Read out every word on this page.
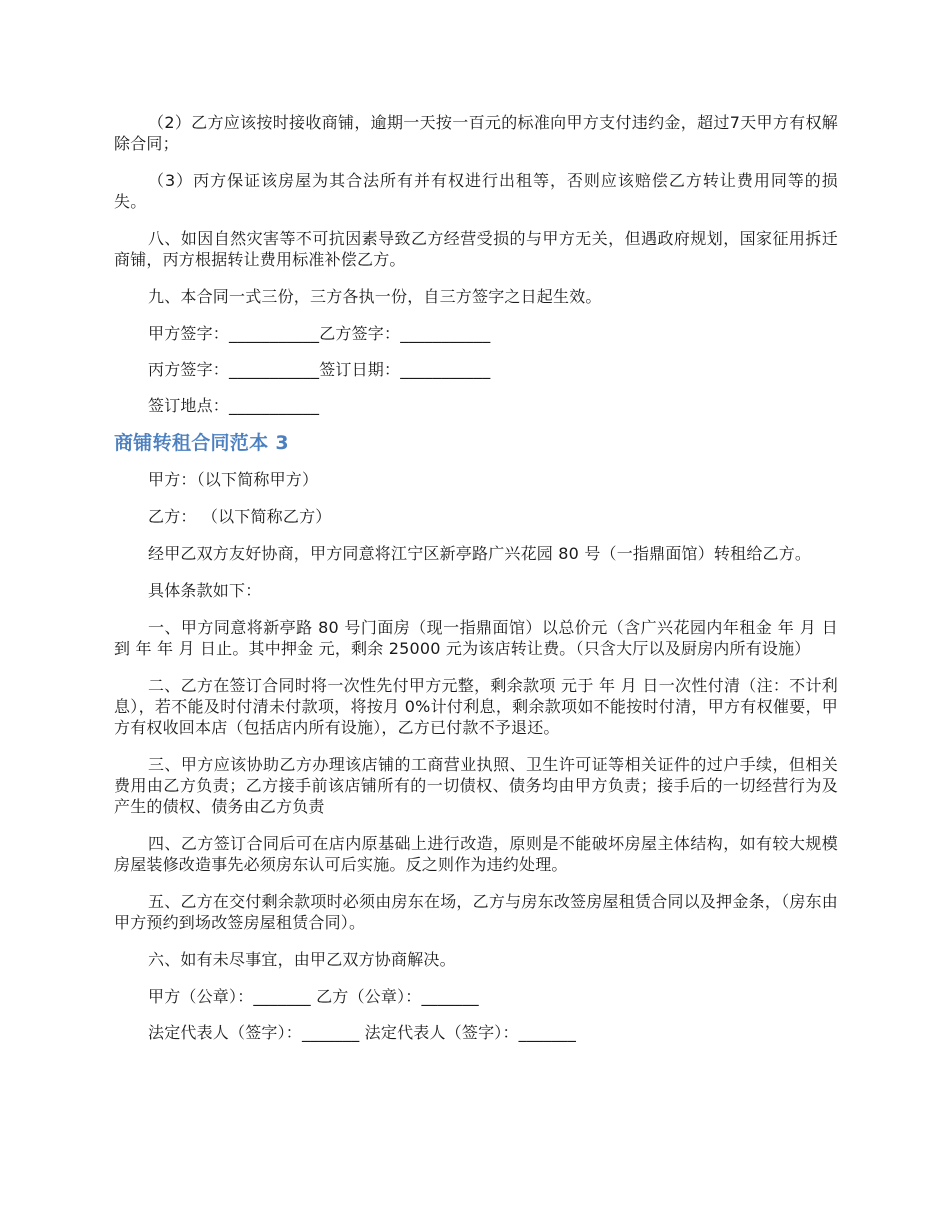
（2）乙方应该按时接收商铺，逾期一天按一百元的标准向甲方支付违约金，超过7天甲方有权解除合同；

（3）丙方保证该房屋为其合法所有并有权进行出租等，否则应该赔偿乙方转让费用同等的损失。

八、如因自然灾害等不可抗因素导致乙方经营受损的与甲方无关，但遇政府规划，国家征用拆迁商铺，丙方根据转让费用标准补偿乙方。

九、本合同一式三份，三方各执一份，自三方签字之日起生效。

甲方签字：___________乙方签字：___________

丙方签字：___________签订日期：___________

签订地点：___________

商铺转租合同范本 3

甲方：（以下简称甲方）

乙方： （以下简称乙方）

经甲乙双方友好协商，甲方同意将江宁区新亭路广兴花园 80 号（一指鼎面馆）转租给乙方。

具体条款如下：

一、甲方同意将新亭路 80 号门面房（现一指鼎面馆）以总价元（含广兴花园内年租金 年 月 日到 年 年 月 日止。其中押金 元，剩余 25000 元为该店转让费。（只含大厅以及厨房内所有设施）

二、乙方在签订合同时将一次性先付甲方元整，剩余款项 元于 年 月 日一次性付清（注：不计利息），若不能及时付清未付款项，将按月 0%计付利息，剩余款项如不能按时付清，甲方有权催要，甲方有权收回本店（包括店内所有设施），乙方已付款不予退还。

三、甲方应该协助乙方办理该店铺的工商营业执照、卫生许可证等相关证件的过户手续，但相关费用由乙方负责；乙方接手前该店铺所有的一切债权、债务均由甲方负责；接手后的一切经营行为及产生的债权、债务由乙方负责

四、乙方签订合同后可在店内原基础上进行改造，原则是不能破坏房屋主体结构，如有较大规模房屋装修改造事先必须房东认可后实施。反之则作为违约处理。

五、乙方在交付剩余款项时必须由房东在场，乙方与房东改签房屋租赁合同以及押金条，（房东由甲方预约到场改签房屋租赁合同）。

六、如有未尽事宜，由甲乙双方协商解决。

甲方（公章）：_______ 乙方（公章）：_______

法定代表人（签字）：_______ 法定代表人（签字）：_______
